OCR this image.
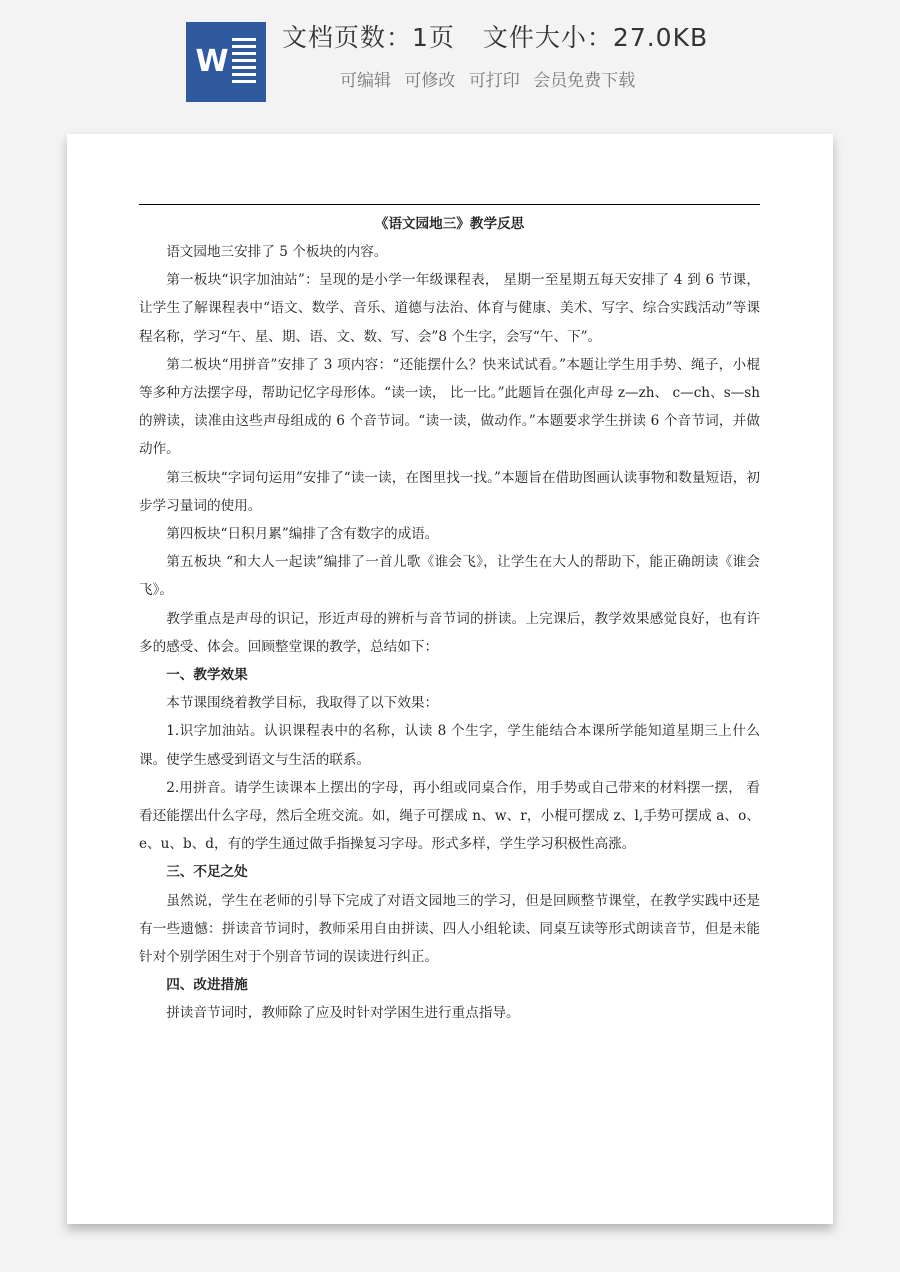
W
文档页数：1页 文件大小：27.0KB
可编辑 可修改 可打印 会员免费下载
《语文园地三》教学反思

语文园地三安排了 5 个板块的内容。

第一板块“识字加油站”：呈现的是小学一年级课程表， 星期一至星期五每天安排了 4 到 6 节课，让学生了解课程表中“语文、数学、音乐、道德与法治、体育与健康、美术、写字、综合实践活动”等课程名称，学习“午、星、期、语、文、数、写、会”8 个生字，会写“午、下”。

第二板块“用拼音”安排了 3 项内容：“还能摆什么？快来试试看。”本题让学生用手势、绳子，小棍等多种方法摆字母，帮助记忆字母形体。“读一读， 比一比。”此题旨在强化声母 z—zh、 c—ch、s—sh 的辨读，读准由这些声母组成的 6 个音节词。“读一读，做动作。”本题要求学生拼读 6 个音节词，并做动作。

第三板块“字词句运用”安排了“读一读，在图里找一找。”本题旨在借助图画认读事物和数量短语，初步学习量词的使用。

第四板块“日积月累”编排了含有数字的成语。

第五板块 “和大人一起读”编排了一首儿歌《谁会飞》，让学生在大人的帮助下，能正确朗读《谁会飞》。

教学重点是声母的识记，形近声母的辨析与音节词的拼读。上完课后，教学效果感觉良好，也有许多的感受、体会。回顾整堂课的教学，总结如下：

一、教学效果

本节课围绕着教学目标，我取得了以下效果：

1.识字加油站。认识课程表中的名称，认读 8 个生字，学生能结合本课所学能知道星期三上什么课。使学生感受到语文与生活的联系。

2.用拼音。请学生读课本上摆出的字母，再小组或同桌合作，用手势或自己带来的材料摆一摆， 看看还能摆出什么字母，然后全班交流。如，绳子可摆成 n、w、r，小棍可摆成 z、l,手势可摆成 a、o、e、u、b、d，有的学生通过做手指操复习字母。形式多样，学生学习积极性高涨。

三、不足之处

虽然说，学生在老师的引导下完成了对语文园地三的学习，但是回顾整节课堂，在教学实践中还是有一些遗憾：拼读音节词时，教师采用自由拼读、四人小组轮读、同桌互读等形式朗读音节，但是未能针对个别学困生对于个别音节词的误读进行纠正。

四、改进措施

拼读音节词时，教师除了应及时针对学困生进行重点指导。
